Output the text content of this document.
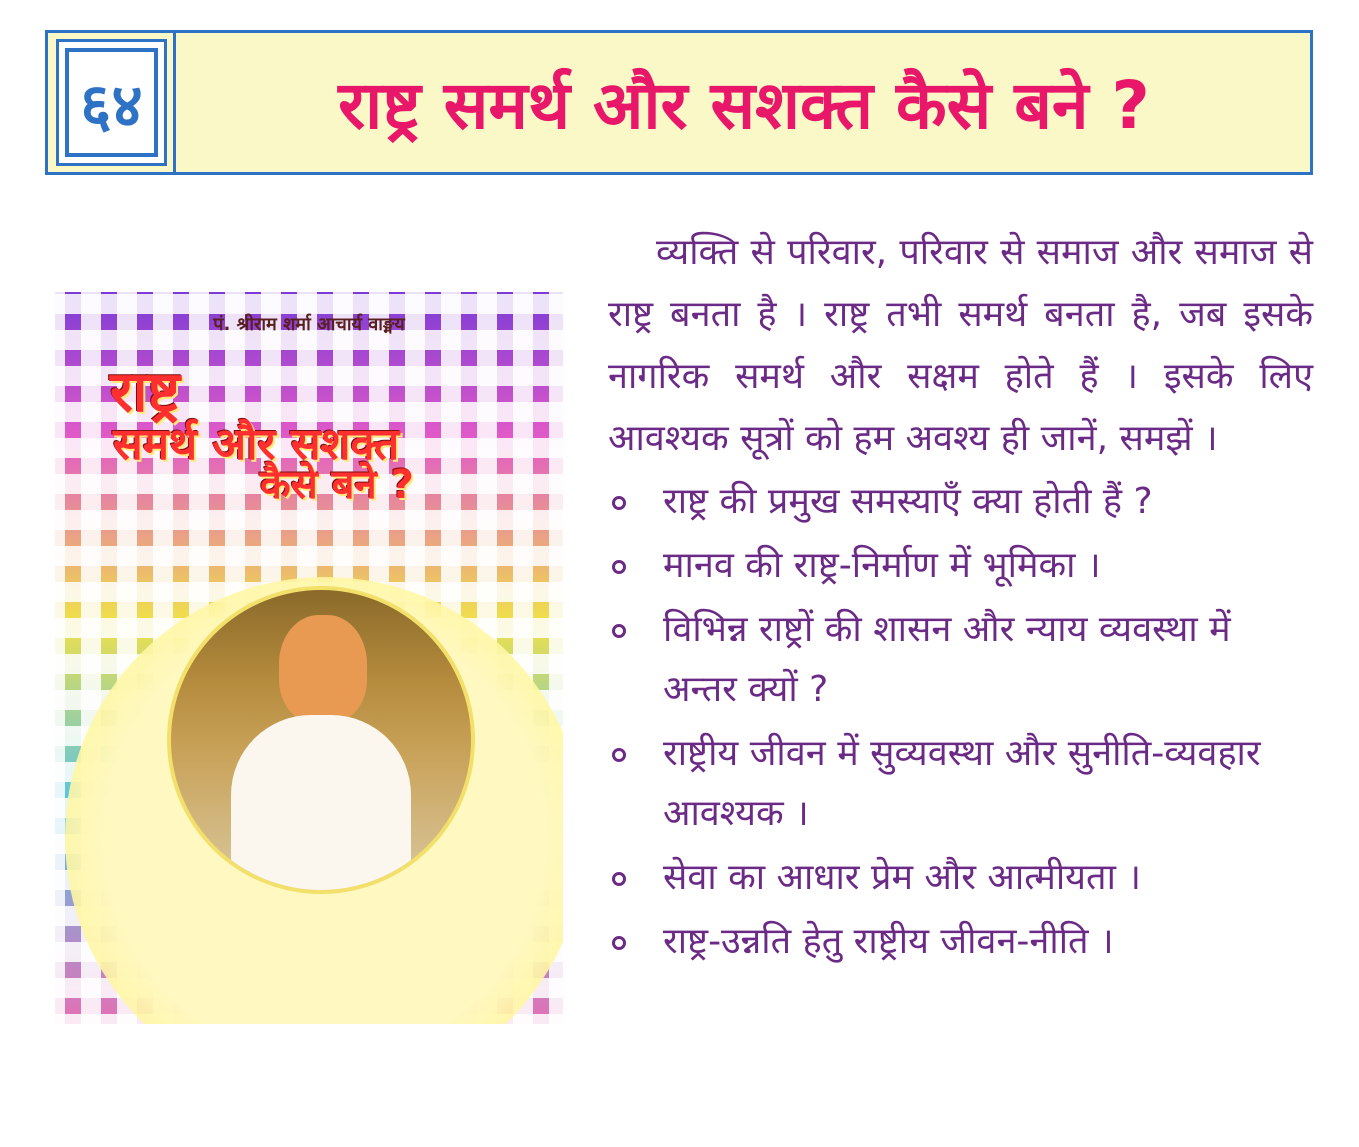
६४	राष्ट्र समर्थ और सशक्त कैसे बने ?
पं. श्रीराम शर्मा आचार्य वाङ्मय
राष्ट्र
समर्थ और सशक्त
कैसे बने ?

व्यक्ति से परिवार, परिवार से समाज और समाज से राष्ट्र बनता है । राष्ट्र तभी समर्थ बनता है, जब इसके नागरिक समर्थ और सक्षम होते हैं । इसके लिए आवश्यक सूत्रों को हम अवश्य ही जानें, समझें ।

राष्ट्र की प्रमुख समस्याएँ क्या होती हैं ?
मानव की राष्ट्र-निर्माण में भूमिका ।
विभिन्न राष्ट्रों की शासन और न्याय व्यवस्था में अन्तर क्यों ?
राष्ट्रीय जीवन में सुव्यवस्था और सुनीति-व्यवहार आवश्यक ।
सेवा का आधार प्रेम और आत्मीयता ।
राष्ट्र-उन्नति हेतु राष्ट्रीय जीवन-नीति ।
